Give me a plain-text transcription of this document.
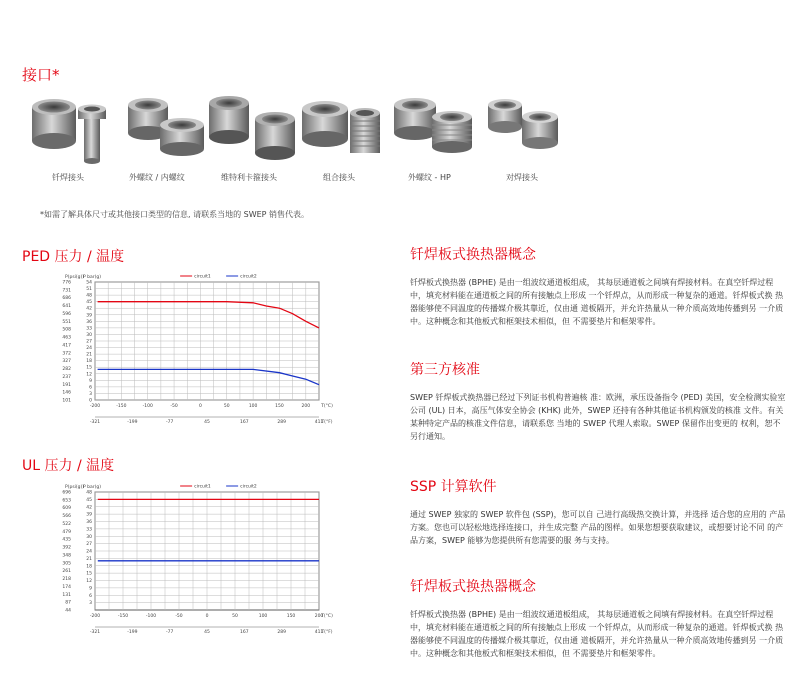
接口*
钎焊接头	外螺纹 / 内螺纹	维特利卡箍接头	组合接头	外螺纹 - HP	对焊接头
*如需了解具体尺寸或其他接口类型的信息, 请联系当地的 SWEP 销售代表。
PED 压力 / 温度
0
3
6
9
12
15
18
21
24
27
30
33
36
39
42
45
48
51
54
101
146
191
237
282
327
372
417
463
508
551
596
641
686
731
776
-200	-150	-100	-50	0	50	100	150	200 T(°C)
-321	-199	-77	45	167	289	411
T(°F)
P(psi(g))
P bar(g)	circuit1	circuit2
UL 压力 / 温度
3
6
9
12
15
18
21
24
27
30
33
36
39
42
45
48
44
87
131
174
218
261
305
348
392
435
479
522
566
609
653
696
-200	-150	-100	-50	0	50	100	150	200
T(°C)
-321	-199	-77	45	167	289	411
T(°F)
P(psi(g))
P bar(g)	circuit1	circuit2
钎焊板式换热器概念
钎焊板式换热器 (BPHE) 是由一组波纹通道板组成， 其每层通道板之间填有焊接材料。在真空钎焊过程 中，填充材料能在通道板之间的所有接触点上形成 一个钎焊点，从而形成一种复杂的通道。钎焊板式换 热器能够使不同温度的传播媒介极其靠近，仅由通 道板隔开，并允许热量从一种介质高效地传播到另 一介质中。这种概念和其他板式和框架技术相似，但 不需要垫片和框架零件。
第三方核准
SWEP 钎焊板式换热器已经过下列证书机构普遍核 准：欧洲，承压设备指令 (PED) 美国，安全检测实验室公司 (UL) 日本，高压气体安全协会 (KHK) 此外，SWEP 还持有各种其他证书机构颁发的核准 文件。有关某种特定产品的核准文件信息，请联系您 当地的 SWEP 代理人索取。SWEP 保留作出变更的 权利，恕不另行通知。
SSP 计算软件
通过 SWEP 独家的 SWEP 软件包 (SSP)，您可以自 己进行高级热交换计算，并选择 适合您的应用的 产品方案。您也可以轻松地选择连接口，并生成完整 产品的图样。如果您想要获取建议，或想要讨论不同 的产品方案，SWEP 能够为您提供所有您需要的服 务与支持。
钎焊板式换热器概念
钎焊板式换热器 (BPHE) 是由一组波纹通道板组成， 其每层通道板之间填有焊接材料。在真空钎焊过程 中，填充材料能在通道板之间的所有接触点上形成 一个钎焊点，从而形成一种复杂的通道。钎焊板式换 热器能够使不同温度的传播媒介极其靠近，仅由通 道板隔开，并允许热量从一种介质高效地传播到另 一介质中。这种概念和其他板式和框架技术相似，但 不需要垫片和框架零件。
